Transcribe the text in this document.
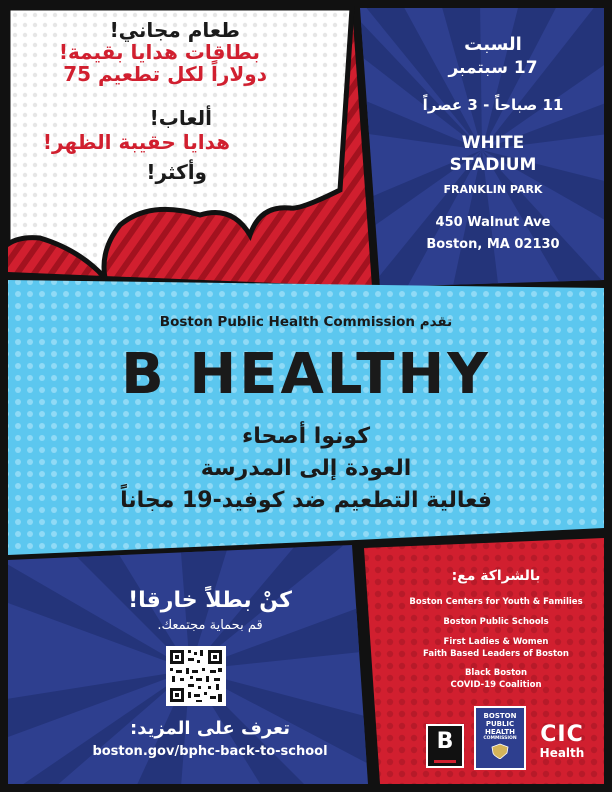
طعام مجاني!
بطاقات هدايا بقيمة!
دولاراً لكل تطعيم 75
ألعاب!
هدايا حقيبة الظهر!
وأكثر!
السبت
17 سبتمبر
11 صباحاً - 3 عصراً
WHITE
STADIUM
FRANKLIN PARK
450 Walnut Ave
Boston, MA 02130
Boston Public Health Commission تقدم
B HEALTHY
كونوا أصحاء
العودة إلى المدرسة
فعالية التطعيم ضد كوفيد-19 مجاناً
كنْ بطلاً خارقا!
.قم بحماية مجتمعك
تعرف على المزيد:
boston.gov/bphc-back-to-school
بالشراكة مع:
Boston Centers for Youth & Families
Boston Public Schools
First Ladies & Women
Faith Based Leaders of Boston
Black Boston
COVID-19 Coalition
B
BOSTON
PUBLIC
HEALTH
COMMISSION	CIC
Health
